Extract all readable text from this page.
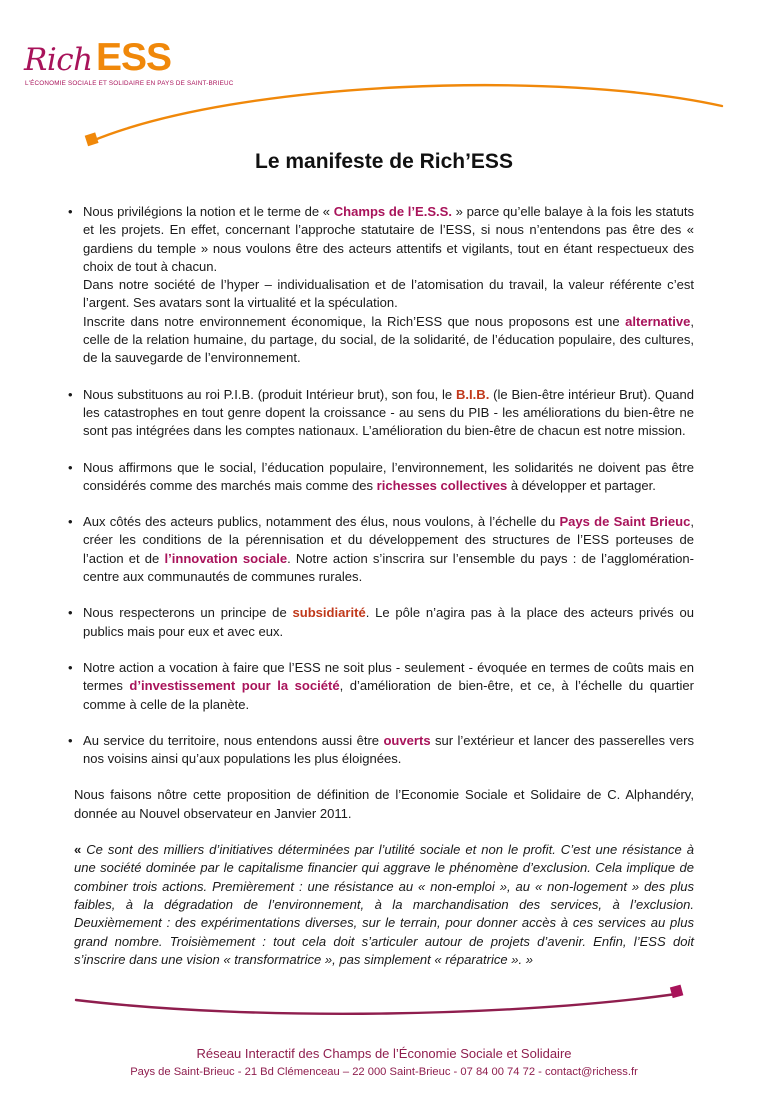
Rich ESS
L'ÉCONOMIE SOCIALE ET SOLIDAIRE EN PAYS DE SAINT-BRIEUC
Le manifeste de Rich’ESS
• Nous privilégions la notion et le terme de « Champs de l’E.S.S. » parce qu’elle balaye à la fois les statuts et les projets. En effet, concernant l’approche statutaire de l’ESS, si nous n’entendons pas être des « gardiens du temple » nous voulons être des acteurs attentifs et vigilants, tout en étant respectueux des choix de tout à chacun.

Dans notre société de l’hyper – individualisation et de l’atomisation du travail, la valeur référente c’est l’argent. Ses avatars sont la virtualité et la spéculation.

Inscrite dans notre environnement économique, la Rich’ESS que nous proposons est une alternative, celle de la relation humaine, du partage, du social, de la solidarité, de l’éducation populaire, des cultures, de la sauvegarde de l’environnement.

• Nous substituons au roi P.I.B. (produit Intérieur brut), son fou, le B.I.B. (le Bien-être intérieur Brut). Quand les catastrophes en tout genre dopent la croissance - au sens du PIB - les améliorations du bien-être ne sont pas intégrées dans les comptes nationaux. L’amélioration du bien-être de chacun est notre mission.

• Nous affirmons que le social, l’éducation populaire, l’environnement, les solidarités ne doivent pas être considérés comme des marchés mais comme des richesses collectives à développer et partager.

• Aux côtés des acteurs publics, notamment des élus, nous voulons, à l’échelle du Pays de Saint Brieuc, créer les conditions de la pérennisation et du développement des structures de l’ESS porteuses de l’action et de l’innovation sociale. Notre action s’inscrira sur l’ensemble du pays : de l’agglomération-centre aux communautés de communes rurales.

• Nous respecterons un principe de subsidiarité. Le pôle n’agira pas à la place des acteurs privés ou publics mais pour eux et avec eux.

• Notre action a vocation à faire que l’ESS ne soit plus - seulement - évoquée en termes de coûts mais en termes d’investissement pour la société, d’amélioration de bien-être, et ce, à l’échelle du quartier comme à celle de la planète.

• Au service du territoire, nous entendons aussi être ouverts sur l’extérieur et lancer des passerelles vers nos voisins ainsi qu’aux populations les plus éloignées.

Nous faisons nôtre cette proposition de définition de l’Economie Sociale et Solidaire de C. Alphandéry, donnée au Nouvel observateur en Janvier 2011.

« Ce sont des milliers d’initiatives déterminées par l’utilité sociale et non le profit. C’est une résistance à une société dominée par le capitalisme financier qui aggrave le phénomène d’exclusion. Cela implique de combiner trois actions. Premièrement : une résistance au « non-emploi », au « non-logement » des plus faibles, à la dégradation de l’environnement, à la marchandisation des services, à l’exclusion. Deuxièmement : des expérimentations diverses, sur le terrain, pour donner accès à ces services au plus grand nombre. Troisièmement : tout cela doit s’articuler autour de projets d’avenir. Enfin, l’ESS doit s’inscrire dans une vision « transformatrice », pas simplement « réparatrice ». »

Réseau Interactif des Champs de l’Économie Sociale et Solidaire
Pays de Saint-Brieuc - 21 Bd Clémenceau – 22 000 Saint-Brieuc - 07 84 00 74 72 - contact@richess.fr
